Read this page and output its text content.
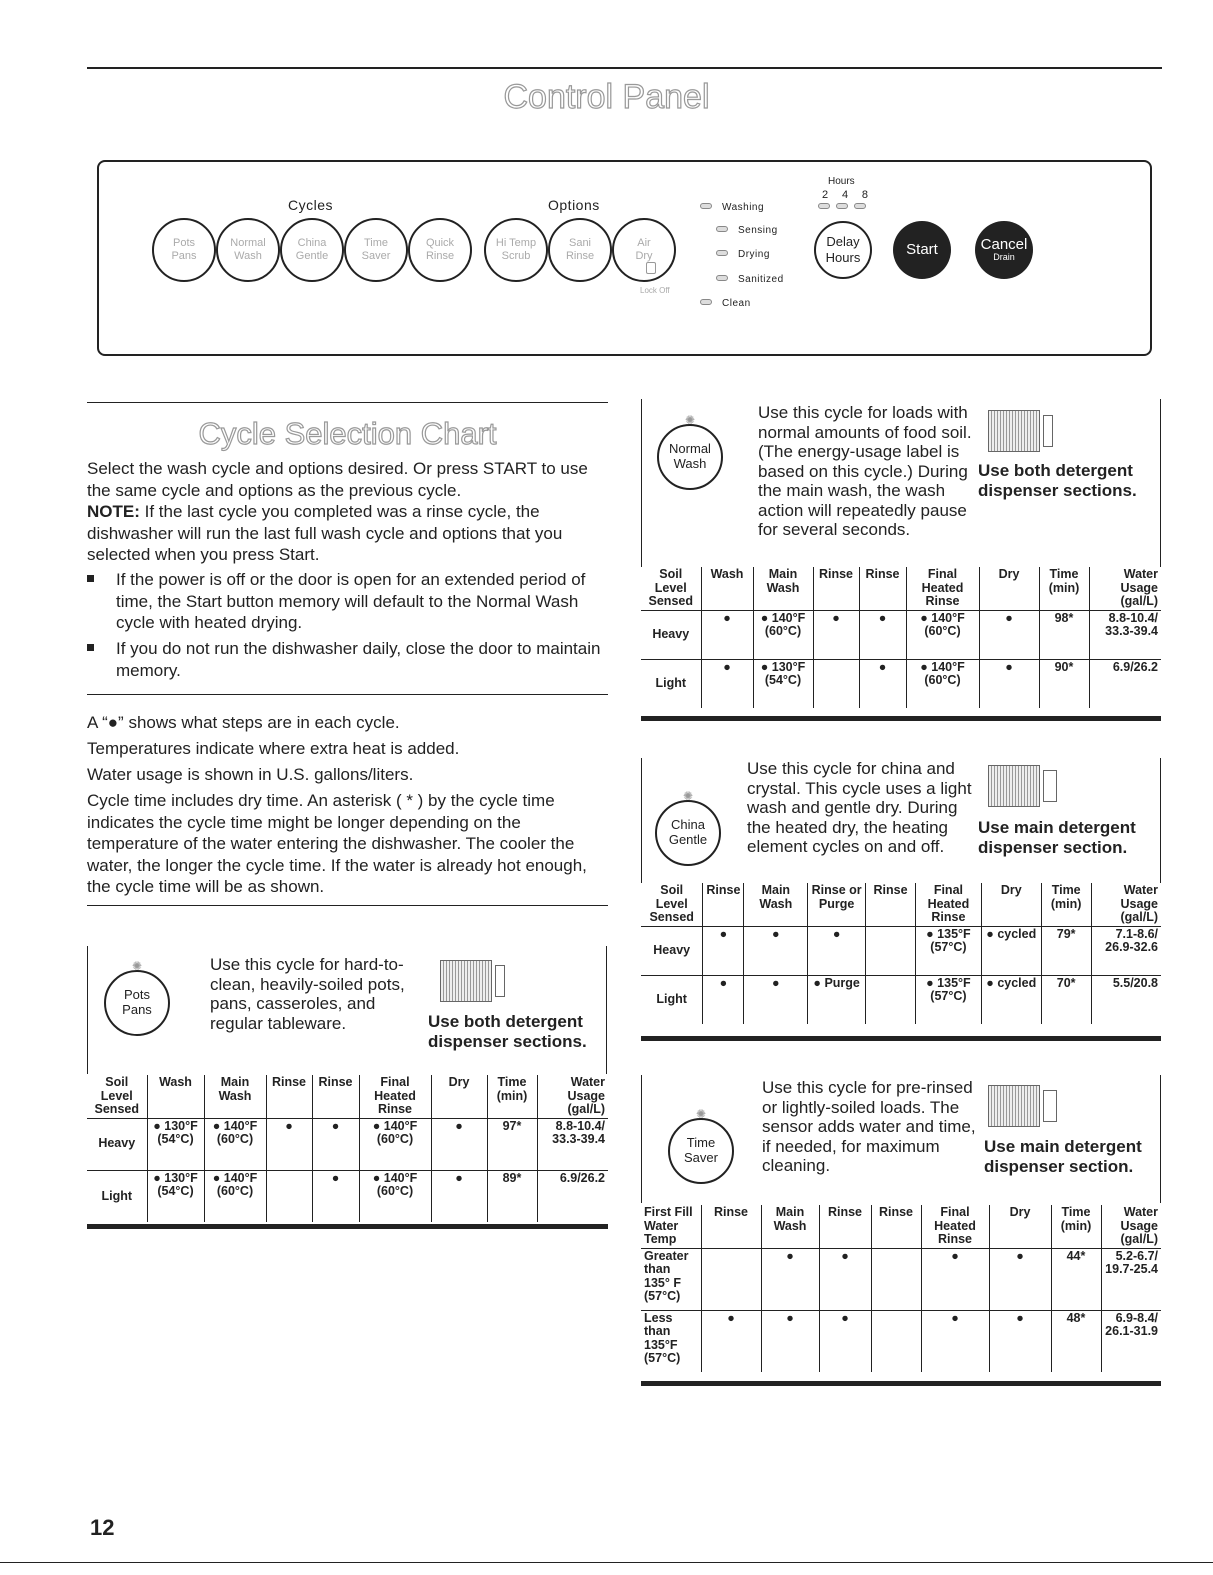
Control Panel
Cycles	Options
Hours
2 4 8
Pots
Pans
Normal
Wash
China
Gentle
Time
Saver
Quick
Rinse
Hi Temp
Scrub
Sani
Rinse
Air
Dry
Lock Off
Washing
Sensing
Drying
Sanitized
Clean
Delay
Hours	Start	Cancel
Drain
Cycle Selection Chart
Select the wash cycle and options desired. Or press START to use the same cycle and options as the previous cycle.
NOTE: If the last cycle you completed was a rinse cycle, the dishwasher will run the last full wash cycle and options that you selected when you press Start.
If the power is off or the door is open for an extended period of time, the Start button memory will default to the Normal Wash cycle with heated drying.
If you do not run the dishwasher daily, close the door to maintain memory.
A “●” shows what steps are in each cycle.
Temperatures indicate where extra heat is added.
Water usage is shown in U.S. gallons/liters.
Cycle time includes dry time. An asterisk ( * ) by the cycle time indicates the cycle time might be longer depending on the temperature of the water entering the dishwasher. The cooler the water, the longer the cycle time. If the water is already hot enough, the cycle time will be as shown.
✺
Pots
Pans
Use this cycle for hard-to-clean, heavily-soiled pots, pans, casseroles, and regular tableware.	Use both detergent dispenser sections.
Soil Level Sensed	Wash	Main Wash	Rinse	Rinse	Final Heated Rinse	Dry	Time (min)	Water Usage (gal/L)
Heavy	● 130°F (54°C)	● 140°F (60°C)	●	●	● 140°F (60°C)	●	97*	8.8-10.4/ 33.3-39.4
Light	● 130°F (54°C)	● 140°F (60°C)		●	● 140°F (60°C)	●	89*	6.9/26.2
✺
Normal
Wash
Use this cycle for loads with normal amounts of food soil. (The energy-usage label is based on this cycle.) During the main wash, the wash action will repeatedly pause for several seconds.
Use both detergent dispenser sections.
Soil Level Sensed	Wash	Main Wash	Rinse	Rinse	Final Heated Rinse	Dry	Time (min)	Water Usage (gal/L)
Heavy	●	● 140°F (60°C)	●	●	● 140°F (60°C)	●	98*	8.8-10.4/ 33.3-39.4
Light	●	● 130°F (54°C)		●	● 140°F (60°C)	●	90*	6.9/26.2
✺
China
Gentle
Use this cycle for china and crystal. This cycle uses a light wash and gentle dry. During the heated dry, the heating element cycles on and off.
Use main detergent dispenser section.
Soil Level Sensed	Rinse	Main Wash	Rinse or Purge	Rinse	Final Heated Rinse	Dry	Time (min)	Water Usage (gal/L)
Heavy	●	●	●		● 135°F (57°C)	● cycled	79*	7.1-8.6/ 26.9-32.6
Light	●	●	● Purge		● 135°F (57°C)	● cycled	70*	5.5/20.8
✺
Time
Saver
Use this cycle for pre-rinsed or lightly-soiled loads. The sensor adds water and time, if needed, for maximum cleaning.
Use main detergent dispenser section.
First Fill Water Temp	Rinse	Main Wash	Rinse	Rinse	Final Heated Rinse	Dry	Time (min)	Water Usage (gal/L)
Greater than 135° F (57°C)		●	●		●	●	44*	5.2-6.7/ 19.7-25.4
Less than 135°F (57°C)	●	●	●		●	●	48*	6.9-8.4/ 26.1-31.9
12
